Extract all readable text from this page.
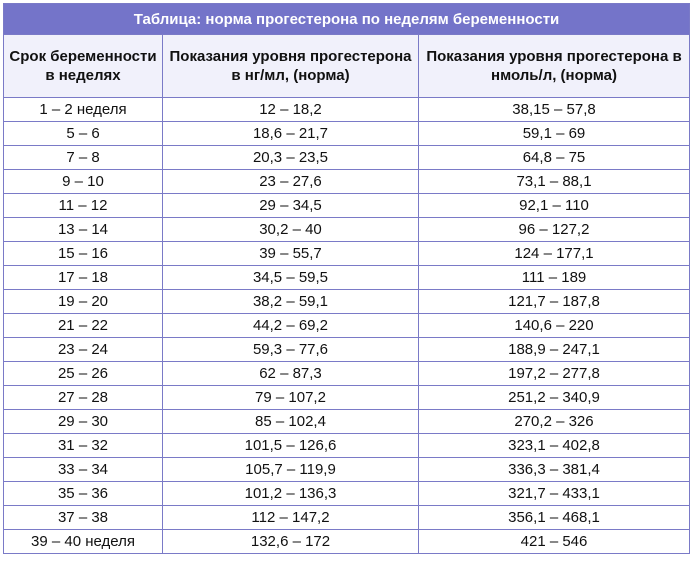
Таблица: норма прогестерона по неделям беременности		
Срок беременности в неделях	Показания уровня прогестерона в нг/мл, (норма)	Показания уровня прогестерона в нмоль/л, (норма)
1 – 2 неделя	12 – 18,2	38,15 – 57,8
5 – 6	18,6 – 21,7	59,1 – 69
7 – 8	20,3 – 23,5	64,8 – 75
9 – 10	23 – 27,6	73,1 – 88,1
11 – 12	29 – 34,5	92,1 – 110
13 – 14	30,2 – 40	96 – 127,2
15 – 16	39 – 55,7	124 – 177,1
17 – 18	34,5 – 59,5	111 – 189
19 – 20	38,2 – 59,1	121,7 – 187,8
21 – 22	44,2 – 69,2	140,6 – 220
23 – 24	59,3 – 77,6	188,9 – 247,1
25 – 26	62 – 87,3	197,2 – 277,8
27 – 28	79 – 107,2	251,2 – 340,9
29 – 30	85 – 102,4	270,2 – 326
31 – 32	101,5 – 126,6	323,1 – 402,8
33 – 34	105,7 – 119,9	336,3 – 381,4
35 – 36	101,2 – 136,3	321,7 – 433,1
37 – 38	112 – 147,2	356,1 – 468,1
39 – 40 неделя	132,6 – 172	421 – 546
